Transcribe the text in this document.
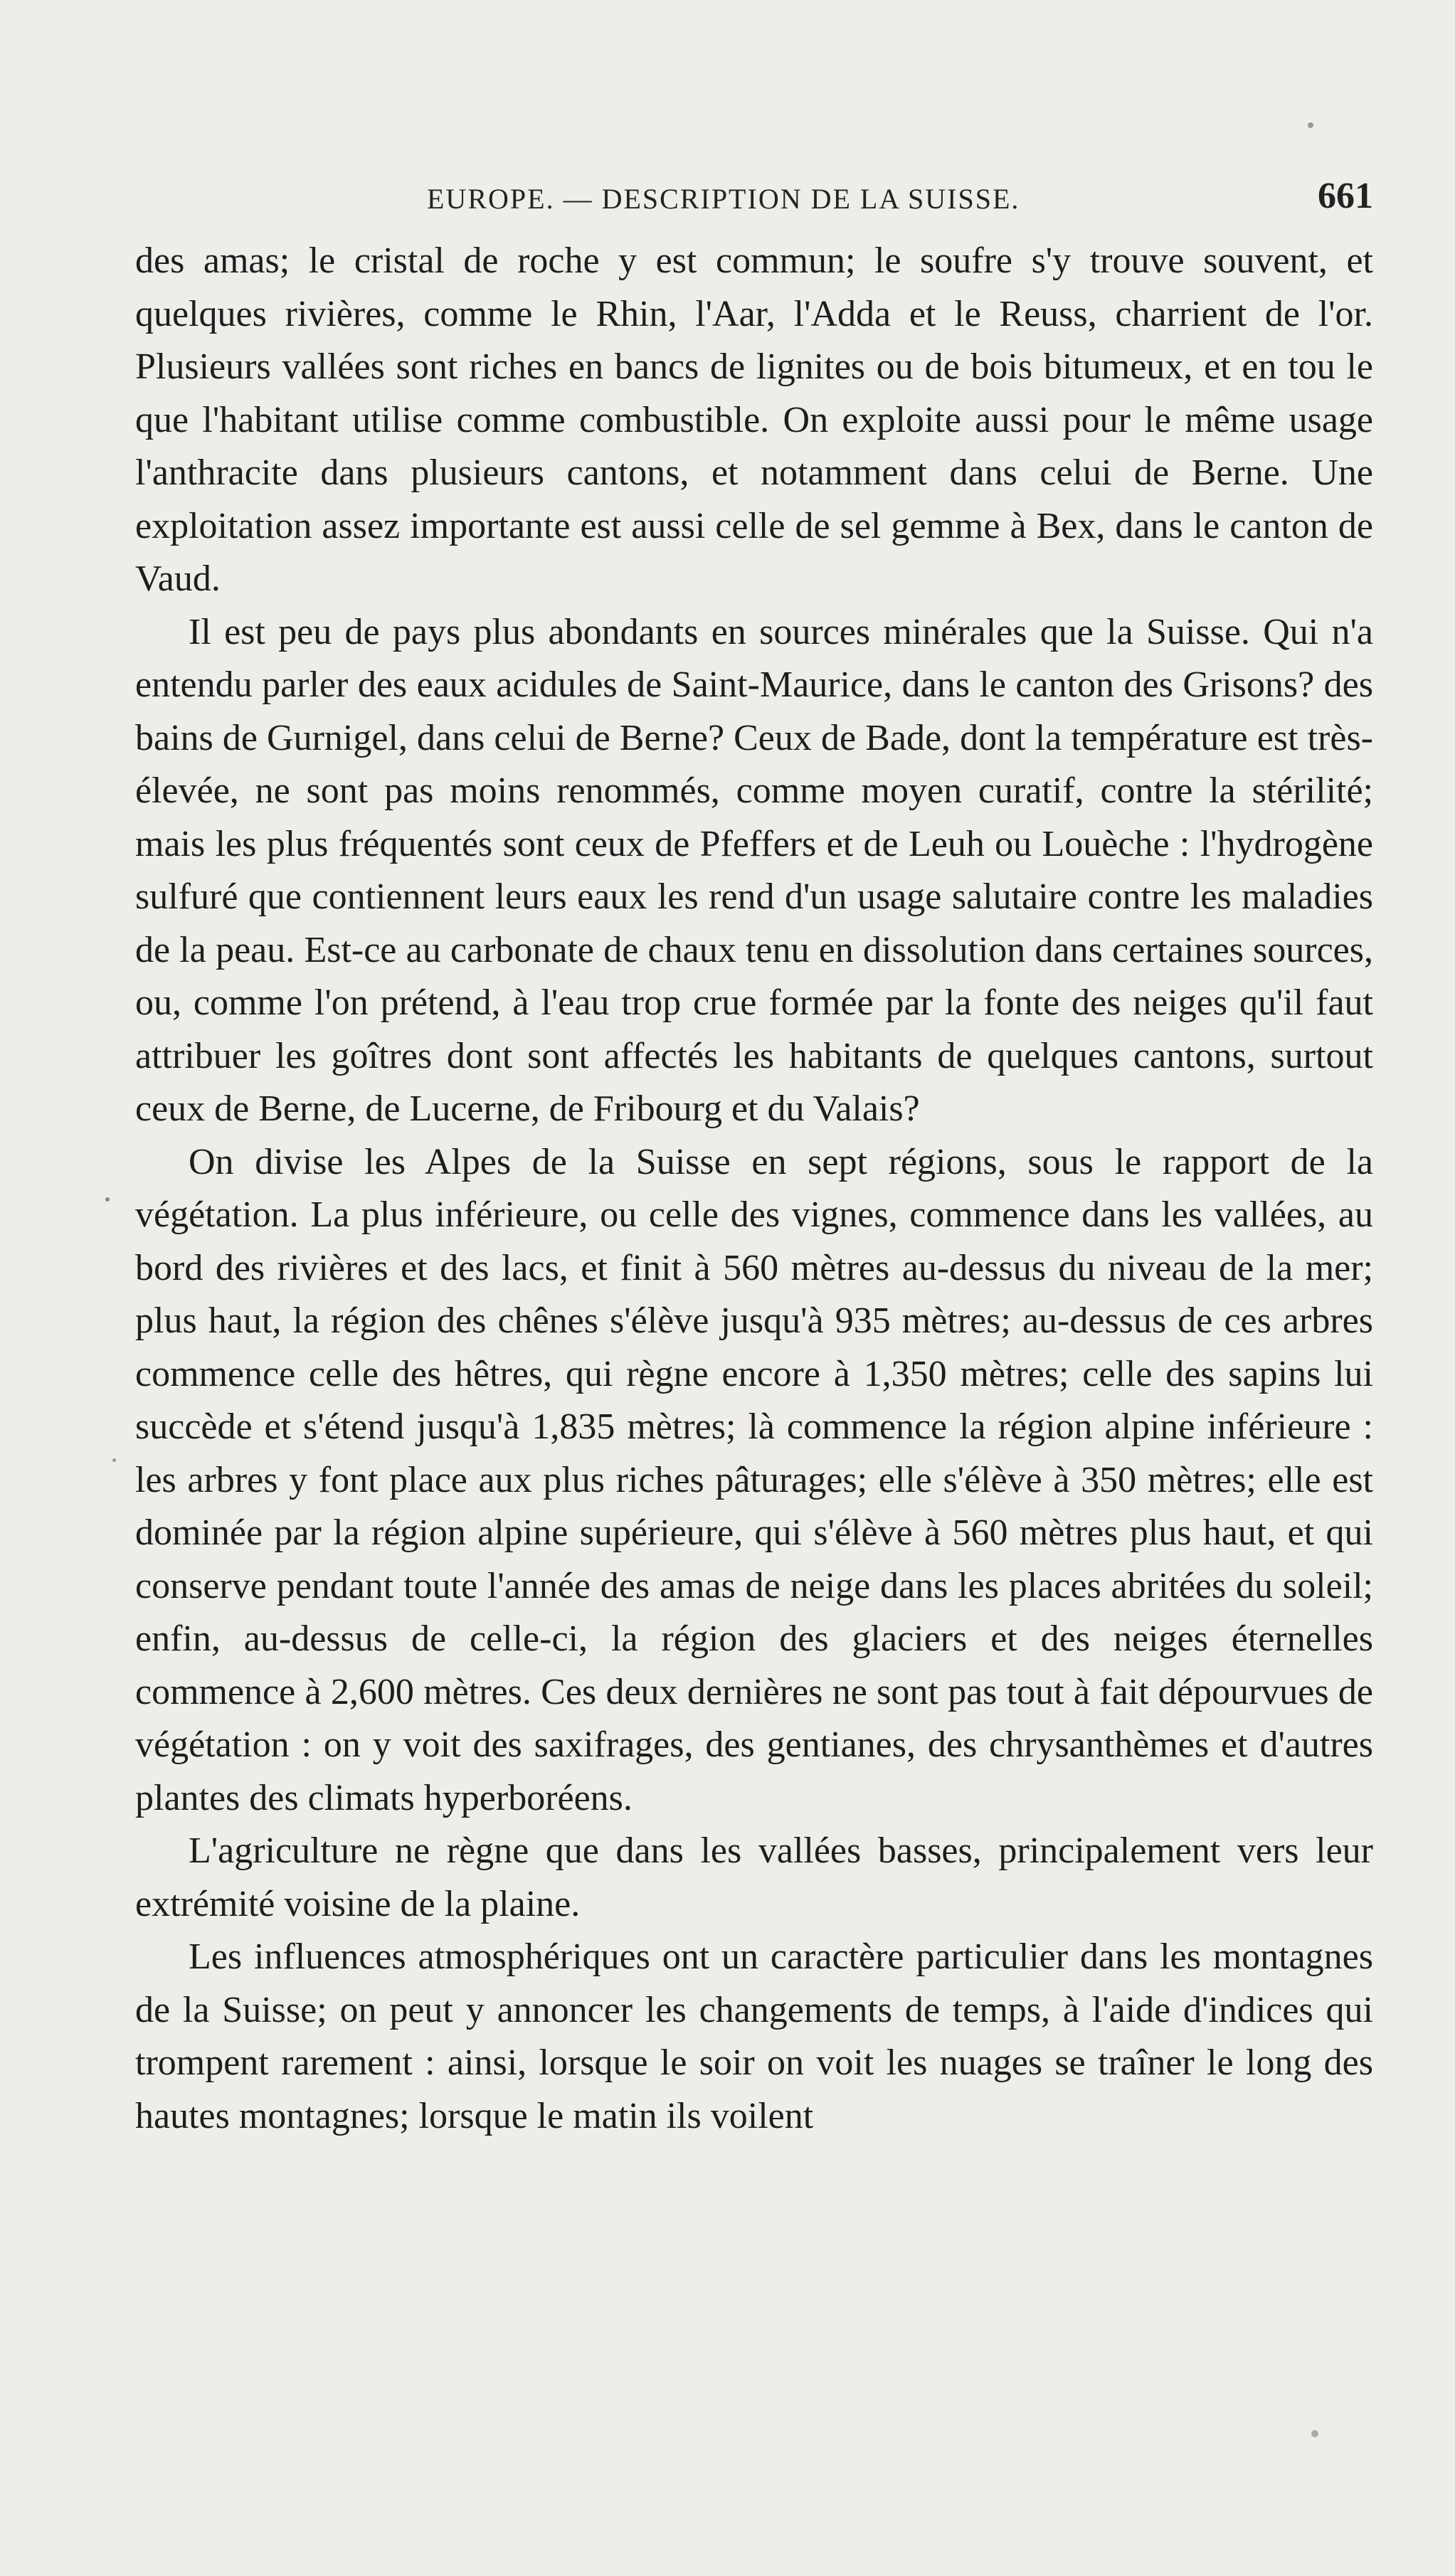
EUROPE. — DESCRIPTION DE LA SUISSE.	661

des amas; le cristal de roche y est commun; le soufre s'y trouve souvent, et quelques rivières, comme le Rhin, l'Aar, l'Adda et le Reuss, charrient de l'or. Plusieurs vallées sont riches en bancs de lignites ou de bois bitumeux, et en tou le que l'habitant utilise comme combustible. On exploite aussi pour le même usage l'anthracite dans plusieurs cantons, et notamment dans celui de Berne. Une exploitation assez importante est aussi celle de sel gemme à Bex, dans le canton de Vaud.

Il est peu de pays plus abondants en sources minérales que la Suisse. Qui n'a entendu parler des eaux acidules de Saint-Maurice, dans le canton des Grisons? des bains de Gurnigel, dans celui de Berne? Ceux de Bade, dont la température est très-élevée, ne sont pas moins renommés, comme moyen curatif, contre la stérilité; mais les plus fréquentés sont ceux de Pfeffers et de Leuh ou Louèche : l'hydrogène sulfuré que contiennent leurs eaux les rend d'un usage salutaire contre les maladies de la peau. Est-ce au carbonate de chaux tenu en dissolution dans certaines sources, ou, comme l'on prétend, à l'eau trop crue formée par la fonte des neiges qu'il faut attribuer les goîtres dont sont affectés les habitants de quelques cantons, surtout ceux de Berne, de Lucerne, de Fribourg et du Valais?

On divise les Alpes de la Suisse en sept régions, sous le rapport de la végétation. La plus inférieure, ou celle des vignes, commence dans les vallées, au bord des rivières et des lacs, et finit à 560 mètres au-dessus du niveau de la mer; plus haut, la région des chênes s'élève jusqu'à 935 mètres; au-dessus de ces arbres commence celle des hêtres, qui règne encore à 1,350 mètres; celle des sapins lui succède et s'étend jusqu'à 1,835 mètres; là commence la région alpine inférieure : les arbres y font place aux plus riches pâturages; elle s'élève à 350 mètres; elle est dominée par la région alpine supérieure, qui s'élève à 560 mètres plus haut, et qui conserve pendant toute l'année des amas de neige dans les places abritées du soleil; enfin, au-dessus de celle-ci, la région des glaciers et des neiges éternelles commence à 2,600 mètres. Ces deux dernières ne sont pas tout à fait dépourvues de végétation : on y voit des saxifrages, des gentianes, des chrysanthèmes et d'autres plantes des climats hyperboréens.

L'agriculture ne règne que dans les vallées basses, principalement vers leur extrémité voisine de la plaine.

Les influences atmosphériques ont un caractère particulier dans les montagnes de la Suisse; on peut y annoncer les changements de temps, à l'aide d'indices qui trompent rarement : ainsi, lorsque le soir on voit les nuages se traîner le long des hautes montagnes; lorsque le matin ils voilent
